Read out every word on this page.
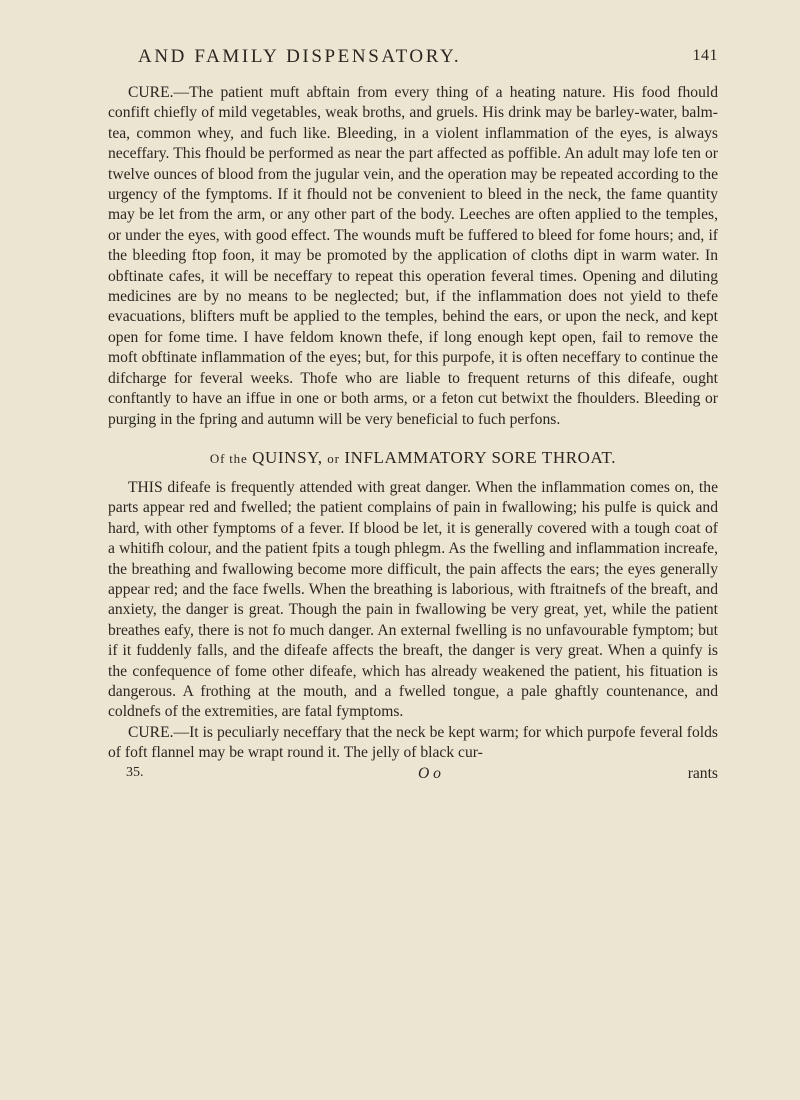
AND FAMILY DISPENSATORY.	141

CURE.—The patient muft abftain from every thing of a heating nature. His food fhould confift chiefly of mild vegetables, weak broths, and gruels. His drink may be barley-water, balm-tea, common whey, and fuch like. Bleeding, in a violent inflammation of the eyes, is always neceffary. This fhould be performed as near the part affected as poffible. An adult may lofe ten or twelve ounces of blood from the jugular vein, and the operation may be repeated according to the urgency of the fymptoms. If it fhould not be convenient to bleed in the neck, the fame quantity may be let from the arm, or any other part of the body. Leeches are often applied to the temples, or under the eyes, with good effect. The wounds muft be fuffered to bleed for fome hours; and, if the bleeding ftop foon, it may be promoted by the application of cloths dipt in warm water. In obftinate cafes, it will be neceffary to repeat this operation feveral times. Opening and diluting medicines are by no means to be neglected; but, if the inflammation does not yield to thefe evacuations, blifters muft be applied to the temples, behind the ears, or upon the neck, and kept open for fome time. I have feldom known thefe, if long enough kept open, fail to remove the moft obftinate inflammation of the eyes; but, for this purpofe, it is often neceffary to continue the difcharge for feveral weeks. Thofe who are liable to frequent returns of this difeafe, ought conftantly to have an iffue in one or both arms, or a feton cut betwixt the fhoulders. Bleeding or purging in the fpring and autumn will be very beneficial to fuch perfons.

Of the QUINSY, or INFLAMMATORY SORE THROAT.

THIS difeafe is frequently attended with great danger. When the inflammation comes on, the parts appear red and fwelled; the patient complains of pain in fwallowing; his pulfe is quick and hard, with other fymptoms of a fever. If blood be let, it is generally covered with a tough coat of a whitifh colour, and the patient fpits a tough phlegm. As the fwelling and inflammation increafe, the breathing and fwallowing become more difficult, the pain affects the ears; the eyes generally appear red; and the face fwells. When the breathing is laborious, with ftraitnefs of the breaft, and anxiety, the danger is great. Though the pain in fwallowing be very great, yet, while the patient breathes eafy, there is not fo much danger. An external fwelling is no unfavourable fymptom; but if it fuddenly falls, and the difeafe affects the breaft, the danger is very great. When a quinfy is the confequence of fome other difeafe, which has already weakened the patient, his fituation is dangerous. A frothing at the mouth, and a fwelled tongue, a pale ghaftly countenance, and coldnefs of the extremities, are fatal fymptoms.

CURE.—It is peculiarly neceffary that the neck be kept warm; for which purpofe feveral folds of foft flannel may be wrapt round it. The jelly of black cur-

35.	O o	rants
